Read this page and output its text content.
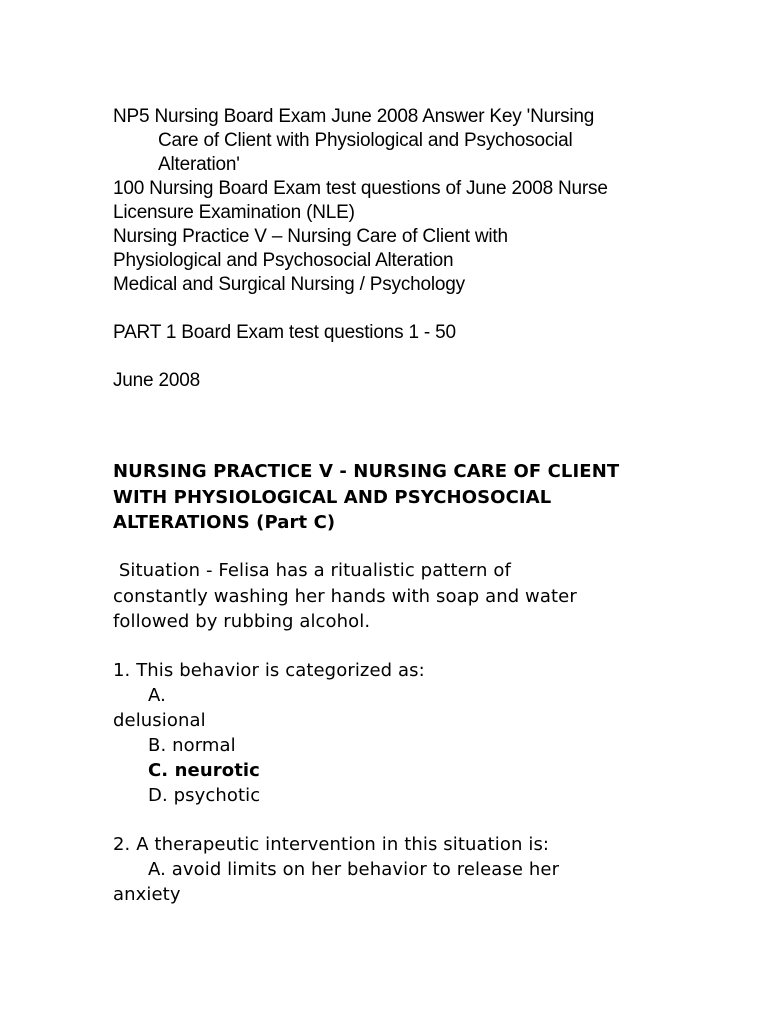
NP5 Nursing Board Exam June 2008 Answer Key 'Nursing

Care of Client with Physiological and Psychosocial

Alteration'

100 Nursing Board Exam test questions of June 2008 Nurse

Licensure Examination (NLE)

Nursing Practice V – Nursing Care of Client with

Physiological and Psychosocial Alteration

Medical and Surgical Nursing / Psychology

PART 1 Board Exam test questions 1 - 50

June 2008

NURSING PRACTICE V - NURSING CARE OF CLIENT

WITH PHYSIOLOGICAL AND PSYCHOSOCIAL

ALTERATIONS (Part C)

Situation - Felisa has a ritualistic pattern of

constantly washing her hands with soap and water

followed by rubbing alcohol.

1. This behavior is categorized as:

A.

delusional

B. normal

C. neurotic

D. psychotic

2. A therapeutic intervention in this situation is:

A. avoid limits on her behavior to release her

anxiety
